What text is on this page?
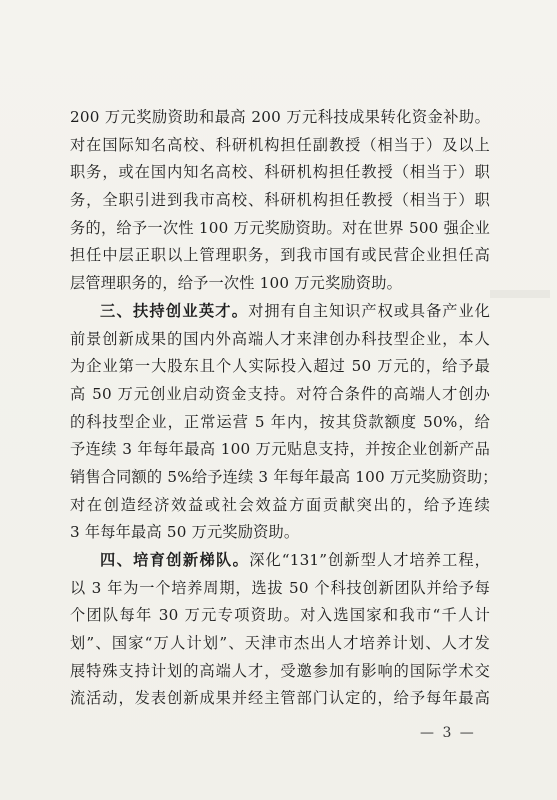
200 万元奖励资助和最高 200 万元科技成果转化资金补助。
对在国际知名高校、科研机构担任副教授（相当于）及以上
职务，或在国内知名高校、科研机构担任教授（相当于）职
务，全职引进到我市高校、科研机构担任教授（相当于）职
务的，给予一次性 100 万元奖励资助。对在世界 500 强企业
担任中层正职以上管理职务，到我市国有或民营企业担任高
层管理职务的，给予一次性 100 万元奖励资助。
三、扶持创业英才。对拥有自主知识产权或具备产业化
前景创新成果的国内外高端人才来津创办科技型企业，本人
为企业第一大股东且个人实际投入超过 50 万元的，给予最
高 50 万元创业启动资金支持。对符合条件的高端人才创办
的科技型企业，正常运营 5 年内，按其贷款额度 50%，给
予连续 3 年每年最高 100 万元贴息支持，并按企业创新产品
销售合同额的 5%给予连续 3 年每年最高 100 万元奖励资助；
对在创造经济效益或社会效益方面贡献突出的，给予连续
3 年每年最高 50 万元奖励资助。
四、培育创新梯队。深化“131”创新型人才培养工程，
以 3 年为一个培养周期，选拔 50 个科技创新团队并给予每
个团队每年 30 万元专项资助。对入选国家和我市“千人计
划”、国家“万人计划”、天津市杰出人才培养计划、人才发
展特殊支持计划的高端人才，受邀参加有影响的国际学术交
流活动，发表创新成果并经主管部门认定的，给予每年最高
— 3 —
